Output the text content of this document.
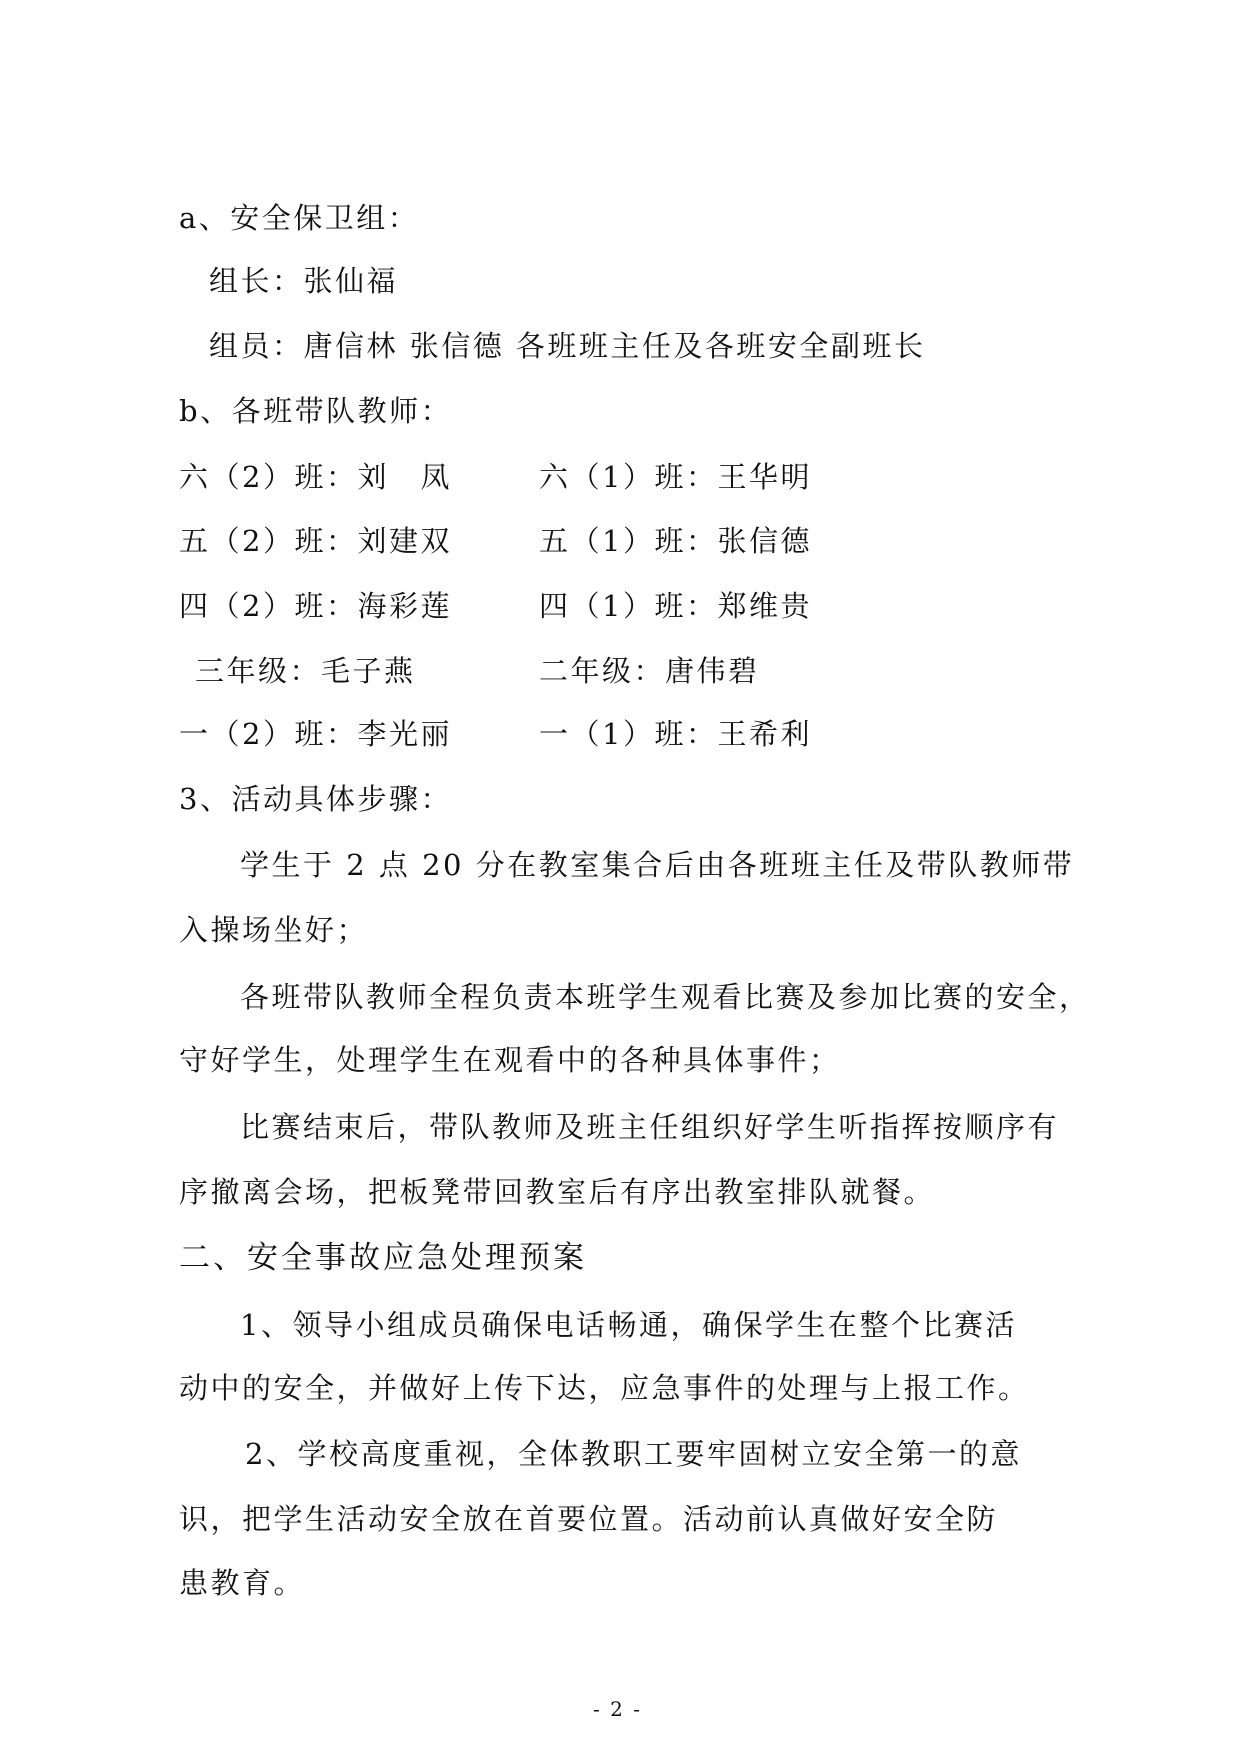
a、安全保卫组：
组长：张仙福
组员：唐信林 张信德 各班班主任及各班安全副班长
b、各班带队教师：
六（2）班：刘　凤	六（1）班：王华明
五（2）班：刘建双	五（1）班：张信德
四（2）班：海彩莲	四（1）班：郑维贵
三年级：毛子燕	二年级：唐伟碧
一（2）班：李光丽	一（1）班：王希利
3、活动具体步骤：
学生于 2 点 20 分在教室集合后由各班班主任及带队教师带
入操场坐好；
各班带队教师全程负责本班学生观看比赛及参加比赛的安全，
守好学生，处理学生在观看中的各种具体事件；
比赛结束后，带队教师及班主任组织好学生听指挥按顺序有
序撤离会场，把板凳带回教室后有序出教室排队就餐。
二、安全事故应急处理预案
1、领导小组成员确保电话畅通，确保学生在整个比赛活
动中的安全，并做好上传下达，应急事件的处理与上报工作。
2、学校高度重视，全体教职工要牢固树立安全第一的意
识，把学生活动安全放在首要位置。活动前认真做好安全防
患教育。
- 2 -
